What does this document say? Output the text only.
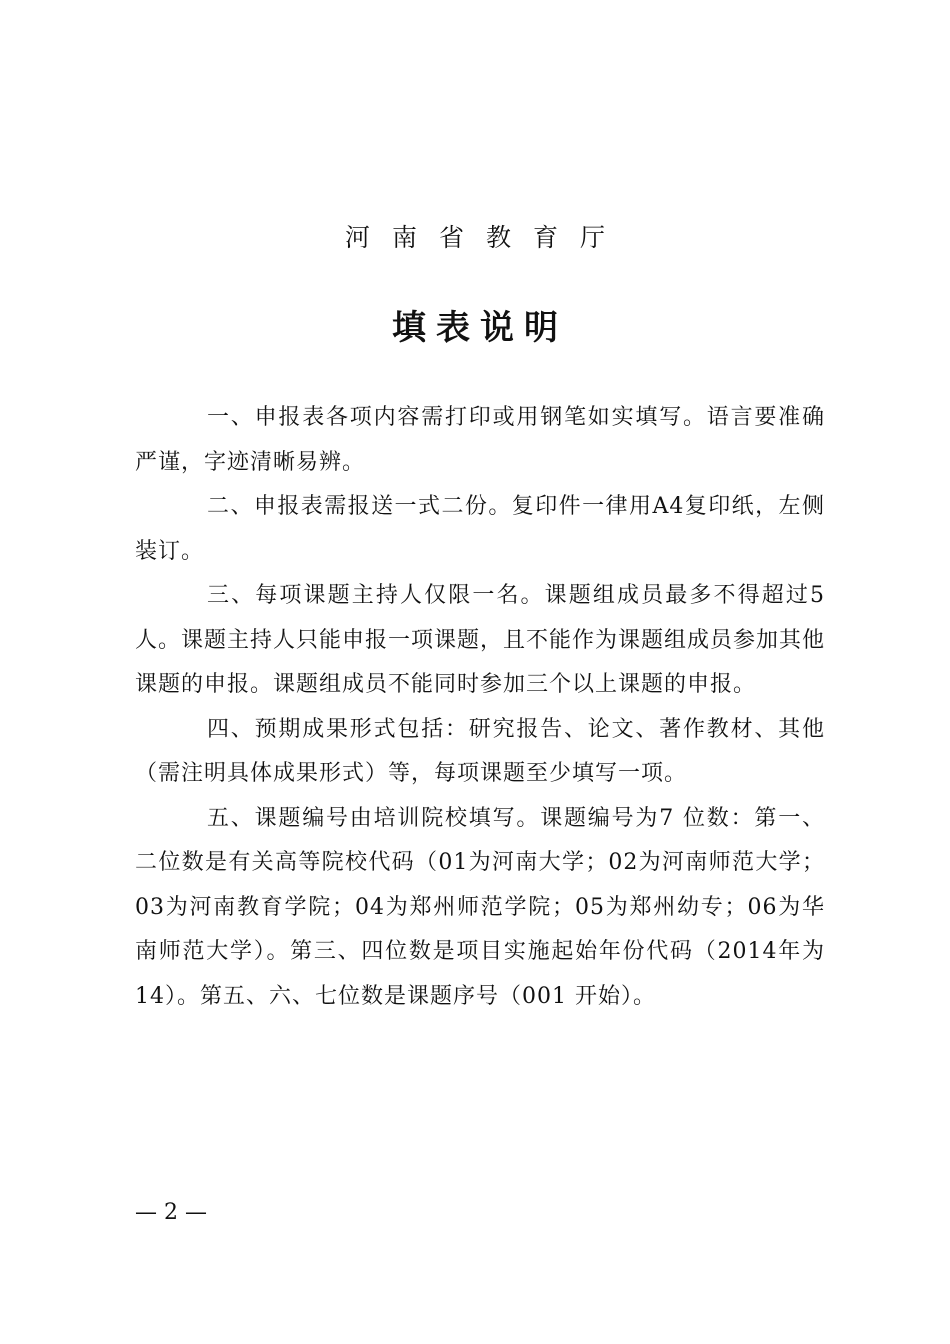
河南省教育厅
填表说明

一、申报表各项内容需打印或用钢笔如实填写。语言要准确严谨，字迹清晰易辨。

二、申报表需报送一式二份。复印件一律用A4复印纸，左侧装订。

三、每项课题主持人仅限一名。课题组成员最多不得超过5 人。课题主持人只能申报一项课题，且不能作为课题组成员参加其他课题的申报。课题组成员不能同时参加三个以上课题的申报。

四、预期成果形式包括：研究报告、论文、著作教材、其他（需注明具体成果形式）等，每项课题至少填写一项。

五、课题编号由培训院校填写。课题编号为7 位数：第一、二位数是有关高等院校代码（01为河南大学；02为河南师范大学；03为河南教育学院；04为郑州师范学院；05为郑州幼专；06为华南师范大学）。第三、四位数是项目实施起始年份代码（2014年为14）。第五、六、七位数是课题序号（001 开始）。

— 2 —
